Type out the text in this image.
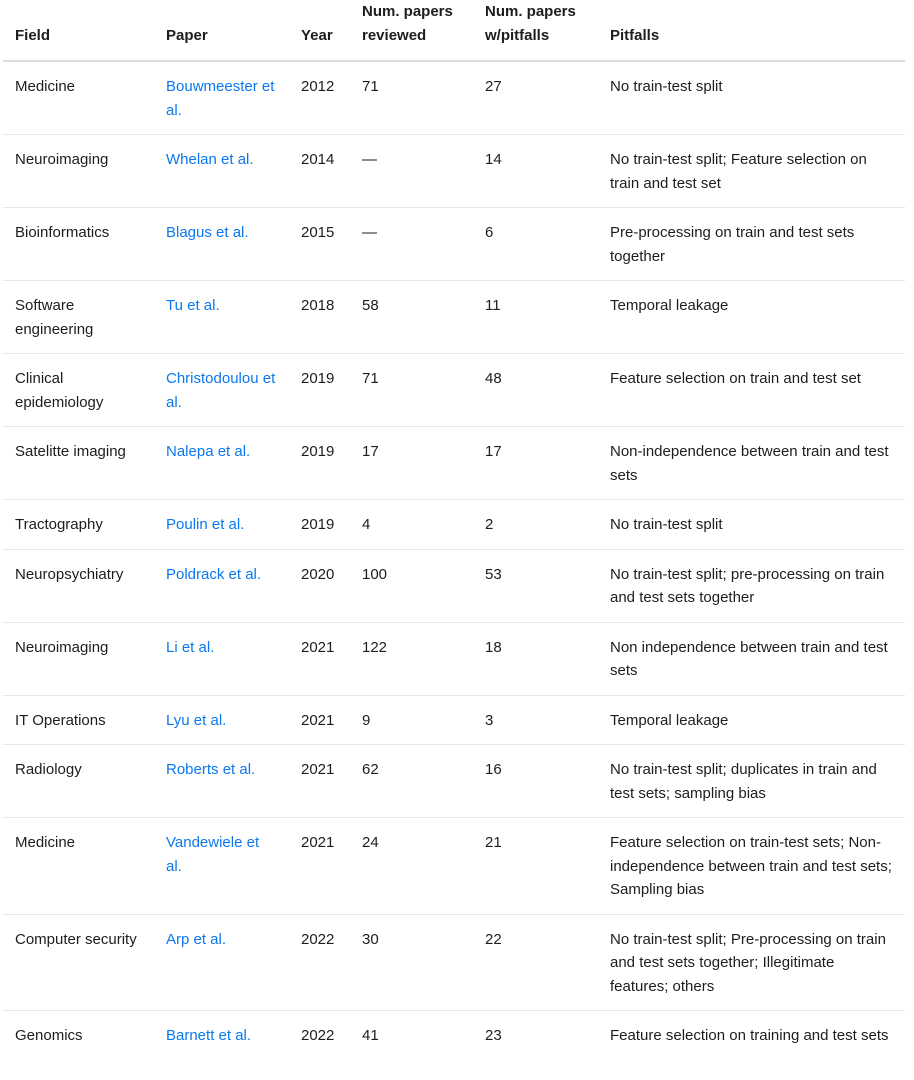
Field	Paper	Year	Num. papers reviewed	Num. papers w/pitfalls	Pitfalls
Medicine	Bouwmeester et al.	2012	71	27	No train-test split
Neuroimaging	Whelan et al.	2014	—	14	No train-test split; Feature selection on train and test set
Bioinformatics	Blagus et al.	2015	—	6	Pre-processing on train and test sets together
Software engineering	Tu et al.	2018	58	11	Temporal leakage
Clinical epidemiology	Christodoulou et al.	2019	71	48	Feature selection on train and test set
Satelitte imaging	Nalepa et al.	2019	17	17	Non-independence between train and test sets
Tractography	Poulin et al.	2019	4	2	No train-test split
Neuropsychiatry	Poldrack et al.	2020	100	53	No train-test split; pre-processing on train and test sets together
Neuroimaging	Li et al.	2021	122	18	Non independence between train and test sets
IT Operations	Lyu et al.	2021	9	3	Temporal leakage
Radiology	Roberts et al.	2021	62	16	No train-test split; duplicates in train and test sets; sampling bias
Medicine	Vandewiele et al.	2021	24	21	Feature selection on train-test sets; Non-independence between train and test sets; Sampling bias
Computer security	Arp et al.	2022	30	22	No train-test split; Pre-processing on train and test sets together; Illegitimate features; others
Genomics	Barnett et al.	2022	41	23	Feature selection on training and test sets
